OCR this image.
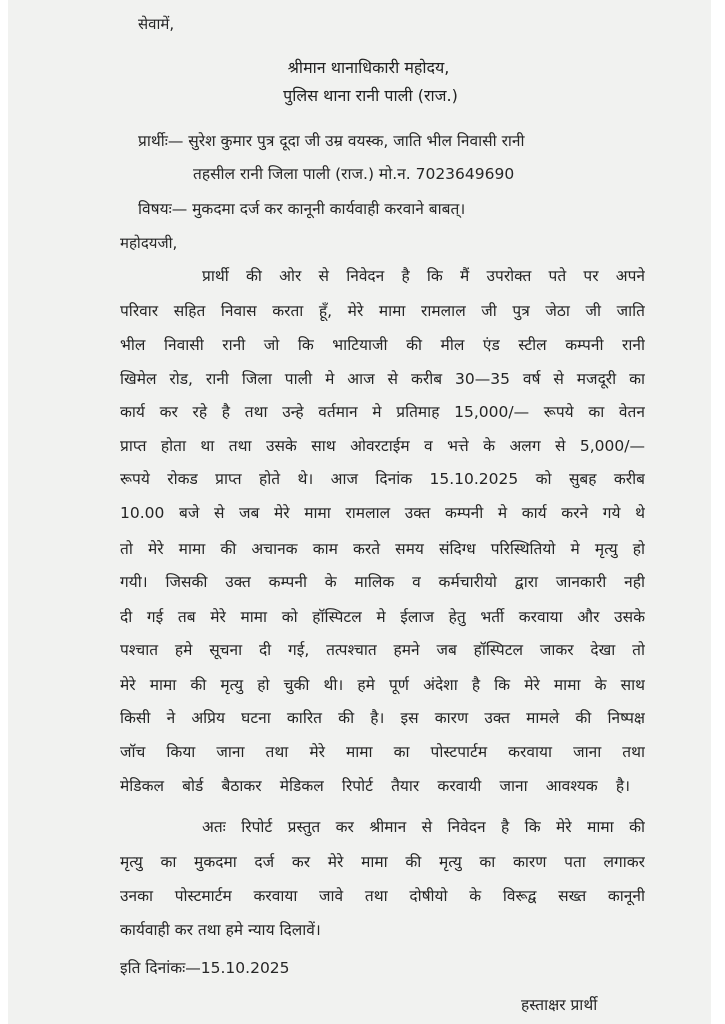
सेवामें,
श्रीमान थानाधिकारी महोदय,
पुलिस थाना रानी पाली (राज.)
प्रार्थीः— सुरेश कुमार पुत्र दूदा जी उम्र वयस्क, जाति भील निवासी रानी
तहसील रानी जिला पाली (राज.) मो.न. 7023649690
विषयः— मुकदमा दर्ज कर कानूनी कार्यवाही करवाने बाबत्।
महोदयजी,
प्रार्थी की ओर से निवेदन है कि मैं उपरोक्त पते पर अपने
परिवार सहित निवास करता हूँ, मेरे मामा रामलाल जी पुत्र जेठा जी जाति
भील निवासी रानी जो कि भाटियाजी की मील एंड स्टील कम्पनी रानी
खिमेल रोड, रानी जिला पाली मे आज से करीब 30—35 वर्ष से मजदूरी का
कार्य कर रहे है तथा उन्हे वर्तमान मे प्रतिमाह 15,000/— रूपये का वेतन
प्राप्त होता था तथा उसके साथ ओवरटाईम व भत्ते के अलग से 5,000/—
रूपये रोकड प्राप्त होते थे। आज दिनांक 15.10.2025 को सुबह करीब
10.00 बजे से जब मेरे मामा रामलाल उक्त कम्पनी मे कार्य करने गये थे
तो मेरे मामा की अचानक काम करते समय संदिग्ध परिस्थितियो मे मृत्यु हो
गयी। जिसकी उक्त कम्पनी के मालिक व कर्मचारीयो द्वारा जानकारी नही
दी गई तब मेरे मामा को हॉस्पिटल मे ईलाज हेतु भर्ती करवाया और उसके
पश्चात हमे सूचना दी गई, तत्पश्चात हमने जब हॉस्पिटल जाकर देखा तो
मेरे मामा की मृत्यु हो चुकी थी। हमे पूर्ण अंदेशा है कि मेरे मामा के साथ
किसी ने अप्रिय घटना कारित की है। इस कारण उक्त मामले की निष्पक्ष
जॉच किया जाना तथा मेरे मामा का पोस्टपार्टम करवाया जाना तथा
मेडिकल बोर्ड बैठाकर मेडिकल रिपोर्ट तैयार करवायी जाना आवश्यक है।
अतः रिपोर्ट प्रस्तुत कर श्रीमान से निवेदन है कि मेरे मामा की
मृत्यु का मुकदमा दर्ज कर मेरे मामा की मृत्यु का कारण पता लगाकर
उनका पोस्टमार्टम करवाया जावे तथा दोषीयो के विरूद्व सख्त कानूनी
कार्यवाही कर तथा हमे न्याय दिलावें।
इति दिनांकः—15.10.2025
हस्ताक्षर प्रार्थी
